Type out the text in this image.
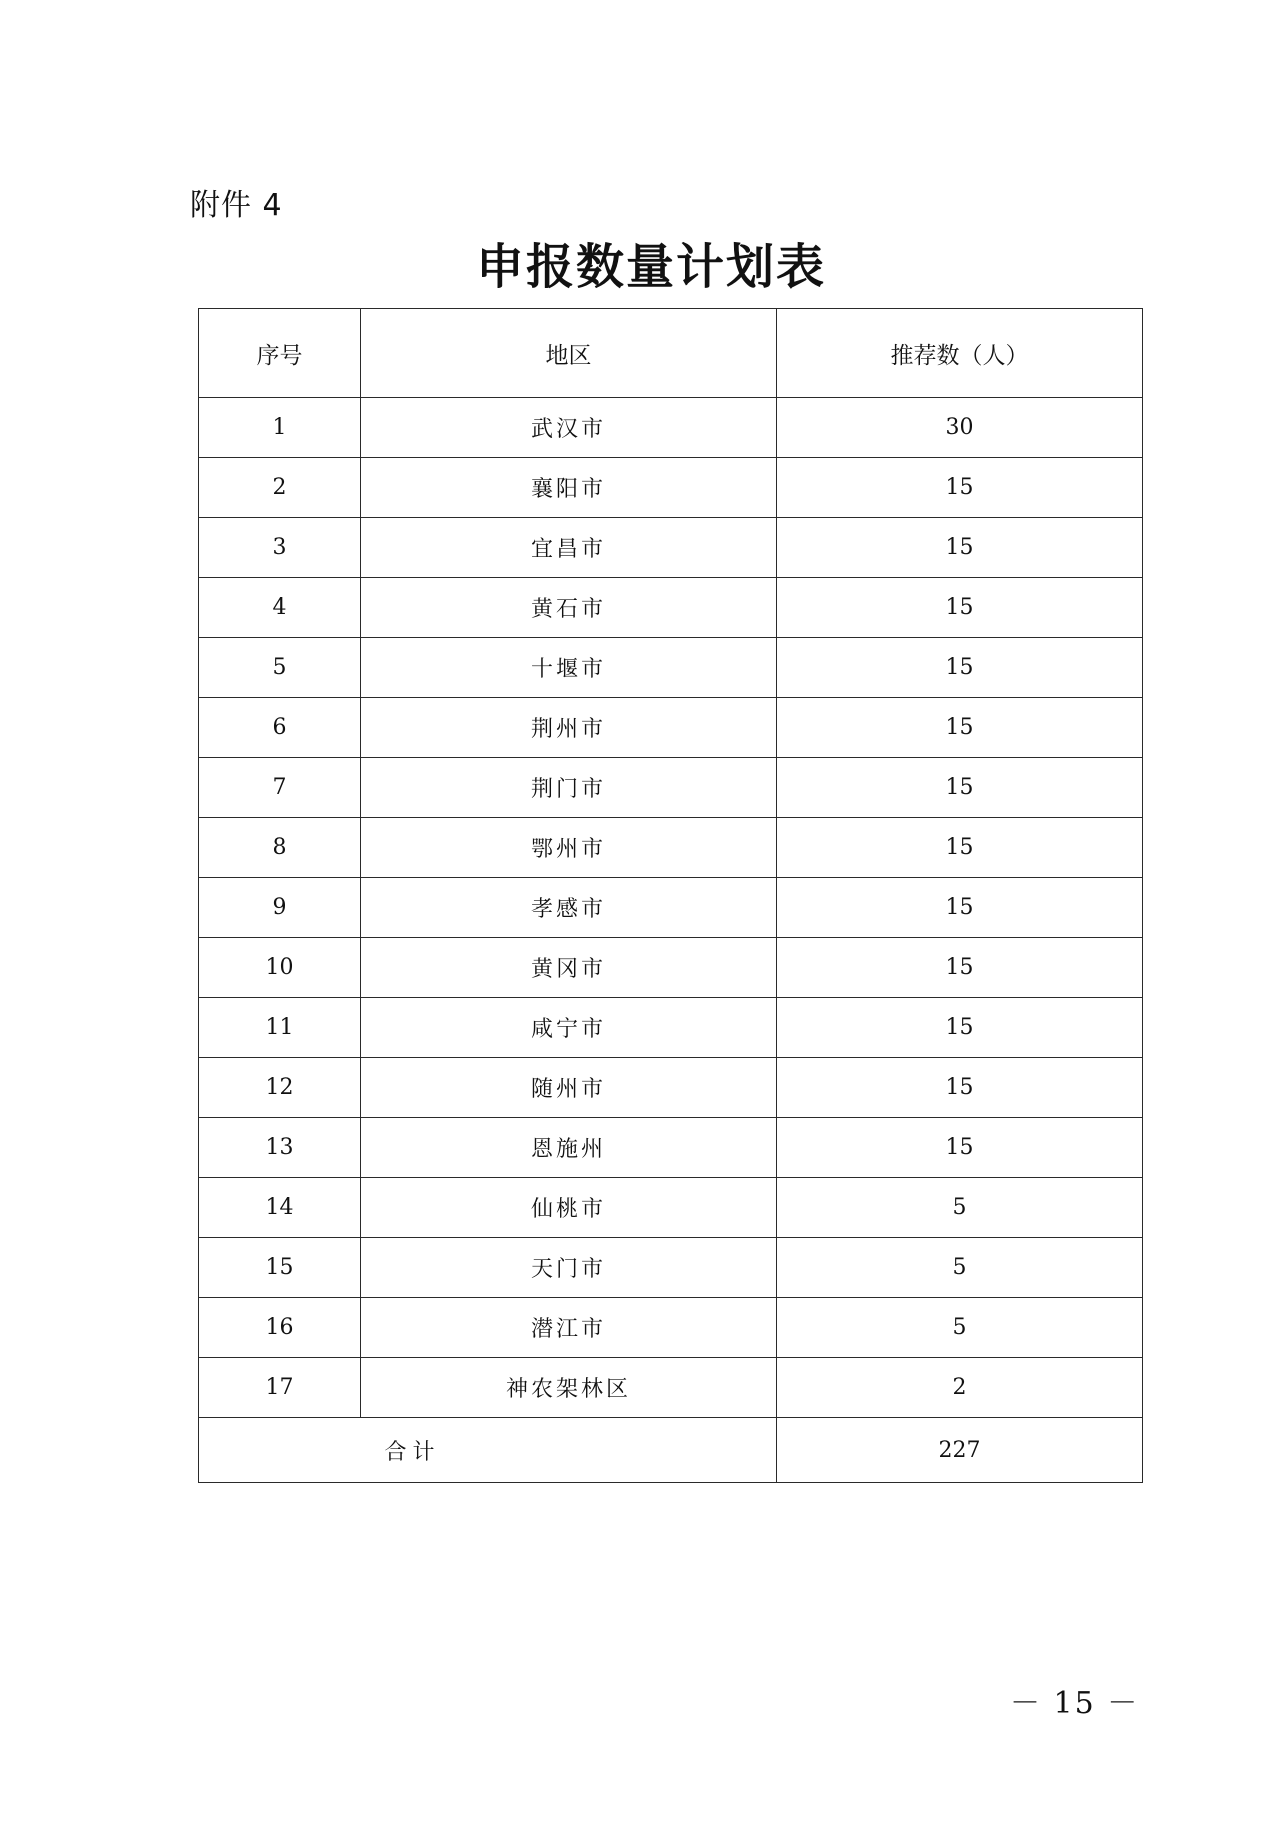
附件 4
申报数量计划表
序号	地区	推荐数（人）
1	武汉市	30
2	襄阳市	15
3	宜昌市	15
4	黄石市	15
5	十堰市	15
6	荆州市	15
7	荆门市	15
8	鄂州市	15
9	孝感市	15
10	黄冈市	15
11	咸宁市	15
12	随州市	15
13	恩施州	15
14	仙桃市	5
15	天门市	5
16	潜江市	5
17	神农架林区	2
合计		227
－ 15 －
